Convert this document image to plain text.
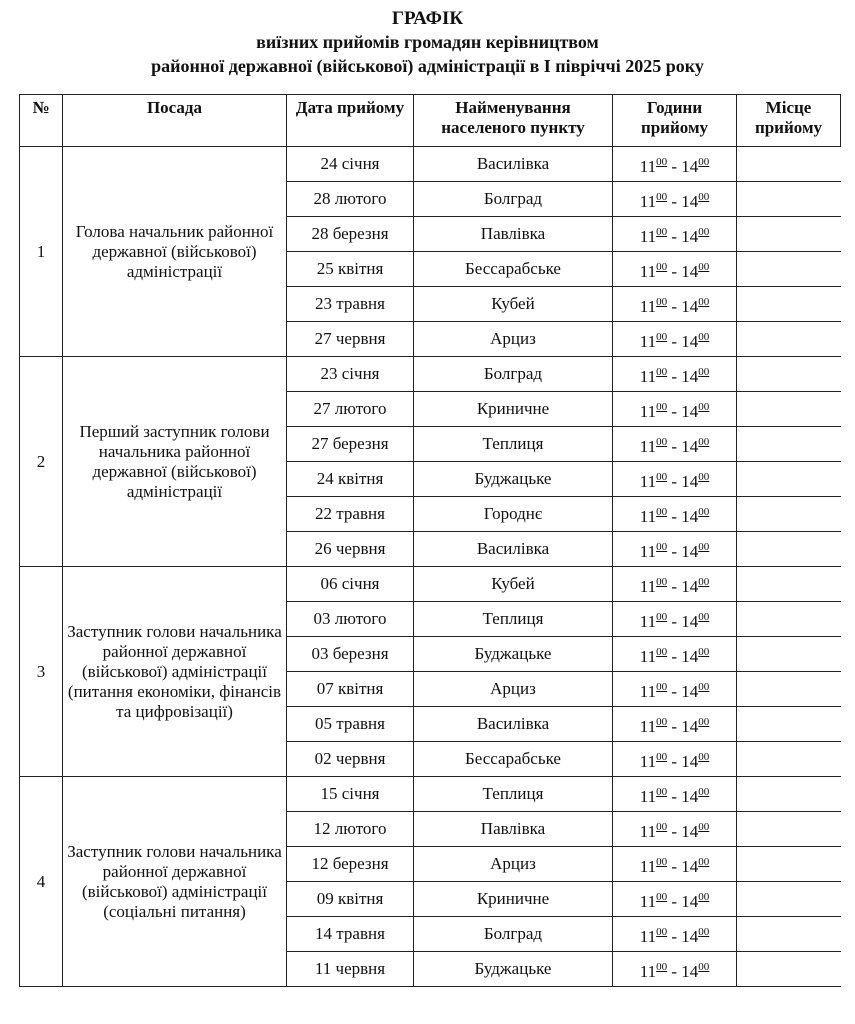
ГРАФІК
виїзних прийомів громадян керівництвом
районної державної (військової) адміністрації в І півріччі 2025 року
№	Посада	Дата прийому	Найменування населеного пункту	Години прийому	Місце прийому
1	Голова начальник районної державної (військової) адміністрації	24 січня	Василівка	$11^{00} - 14^{00}$	
		28 лютого	Болград	$11^{00} - 14^{00}$	
		28 березня	Павлівка	$11^{00} - 14^{00}$	
		25 квітня	Бессарабське	$11^{00} - 14^{00}$	
		23 травня	Кубей	$11^{00} - 14^{00}$	
		27 червня	Арциз	$11^{00} - 14^{00}$	
2	Перший заступник голови начальника районної державної (військової) адміністрації	23 січня	Болград	$11^{00} - 14^{00}$	
		27 лютого	Криничне	$11^{00} - 14^{00}$	
		27 березня	Теплиця	$11^{00} - 14^{00}$	
		24 квітня	Буджацьке	$11^{00} - 14^{00}$	
		22 травня	Городнє	$11^{00} - 14^{00}$	
		26 червня	Василівка	$11^{00} - 14^{00}$	
3	Заступник голови начальника районної державної (військової) адміністрації (питання економіки, фінансів та цифровізації)	06 січня	Кубей	$11^{00} - 14^{00}$	
		03 лютого	Теплиця	$11^{00} - 14^{00}$	
		03 березня	Буджацьке	$11^{00} - 14^{00}$	
		07 квітня	Арциз	$11^{00} - 14^{00}$	
		05 травня	Василівка	$11^{00} - 14^{00}$	
		02 червня	Бессарабське	$11^{00} - 14^{00}$	
4	Заступник голови начальника районної державної (військової) адміністрації (соціальні питання)	15 січня	Теплиця	$11^{00} - 14^{00}$	
		12 лютого	Павлівка	$11^{00} - 14^{00}$	
		12 березня	Арциз	$11^{00} - 14^{00}$	
		09 квітня	Криничне	$11^{00} - 14^{00}$	
		14 травня	Болград	$11^{00} - 14^{00}$	
		11 червня	Буджацьке	$11^{00} - 14^{00}$	
